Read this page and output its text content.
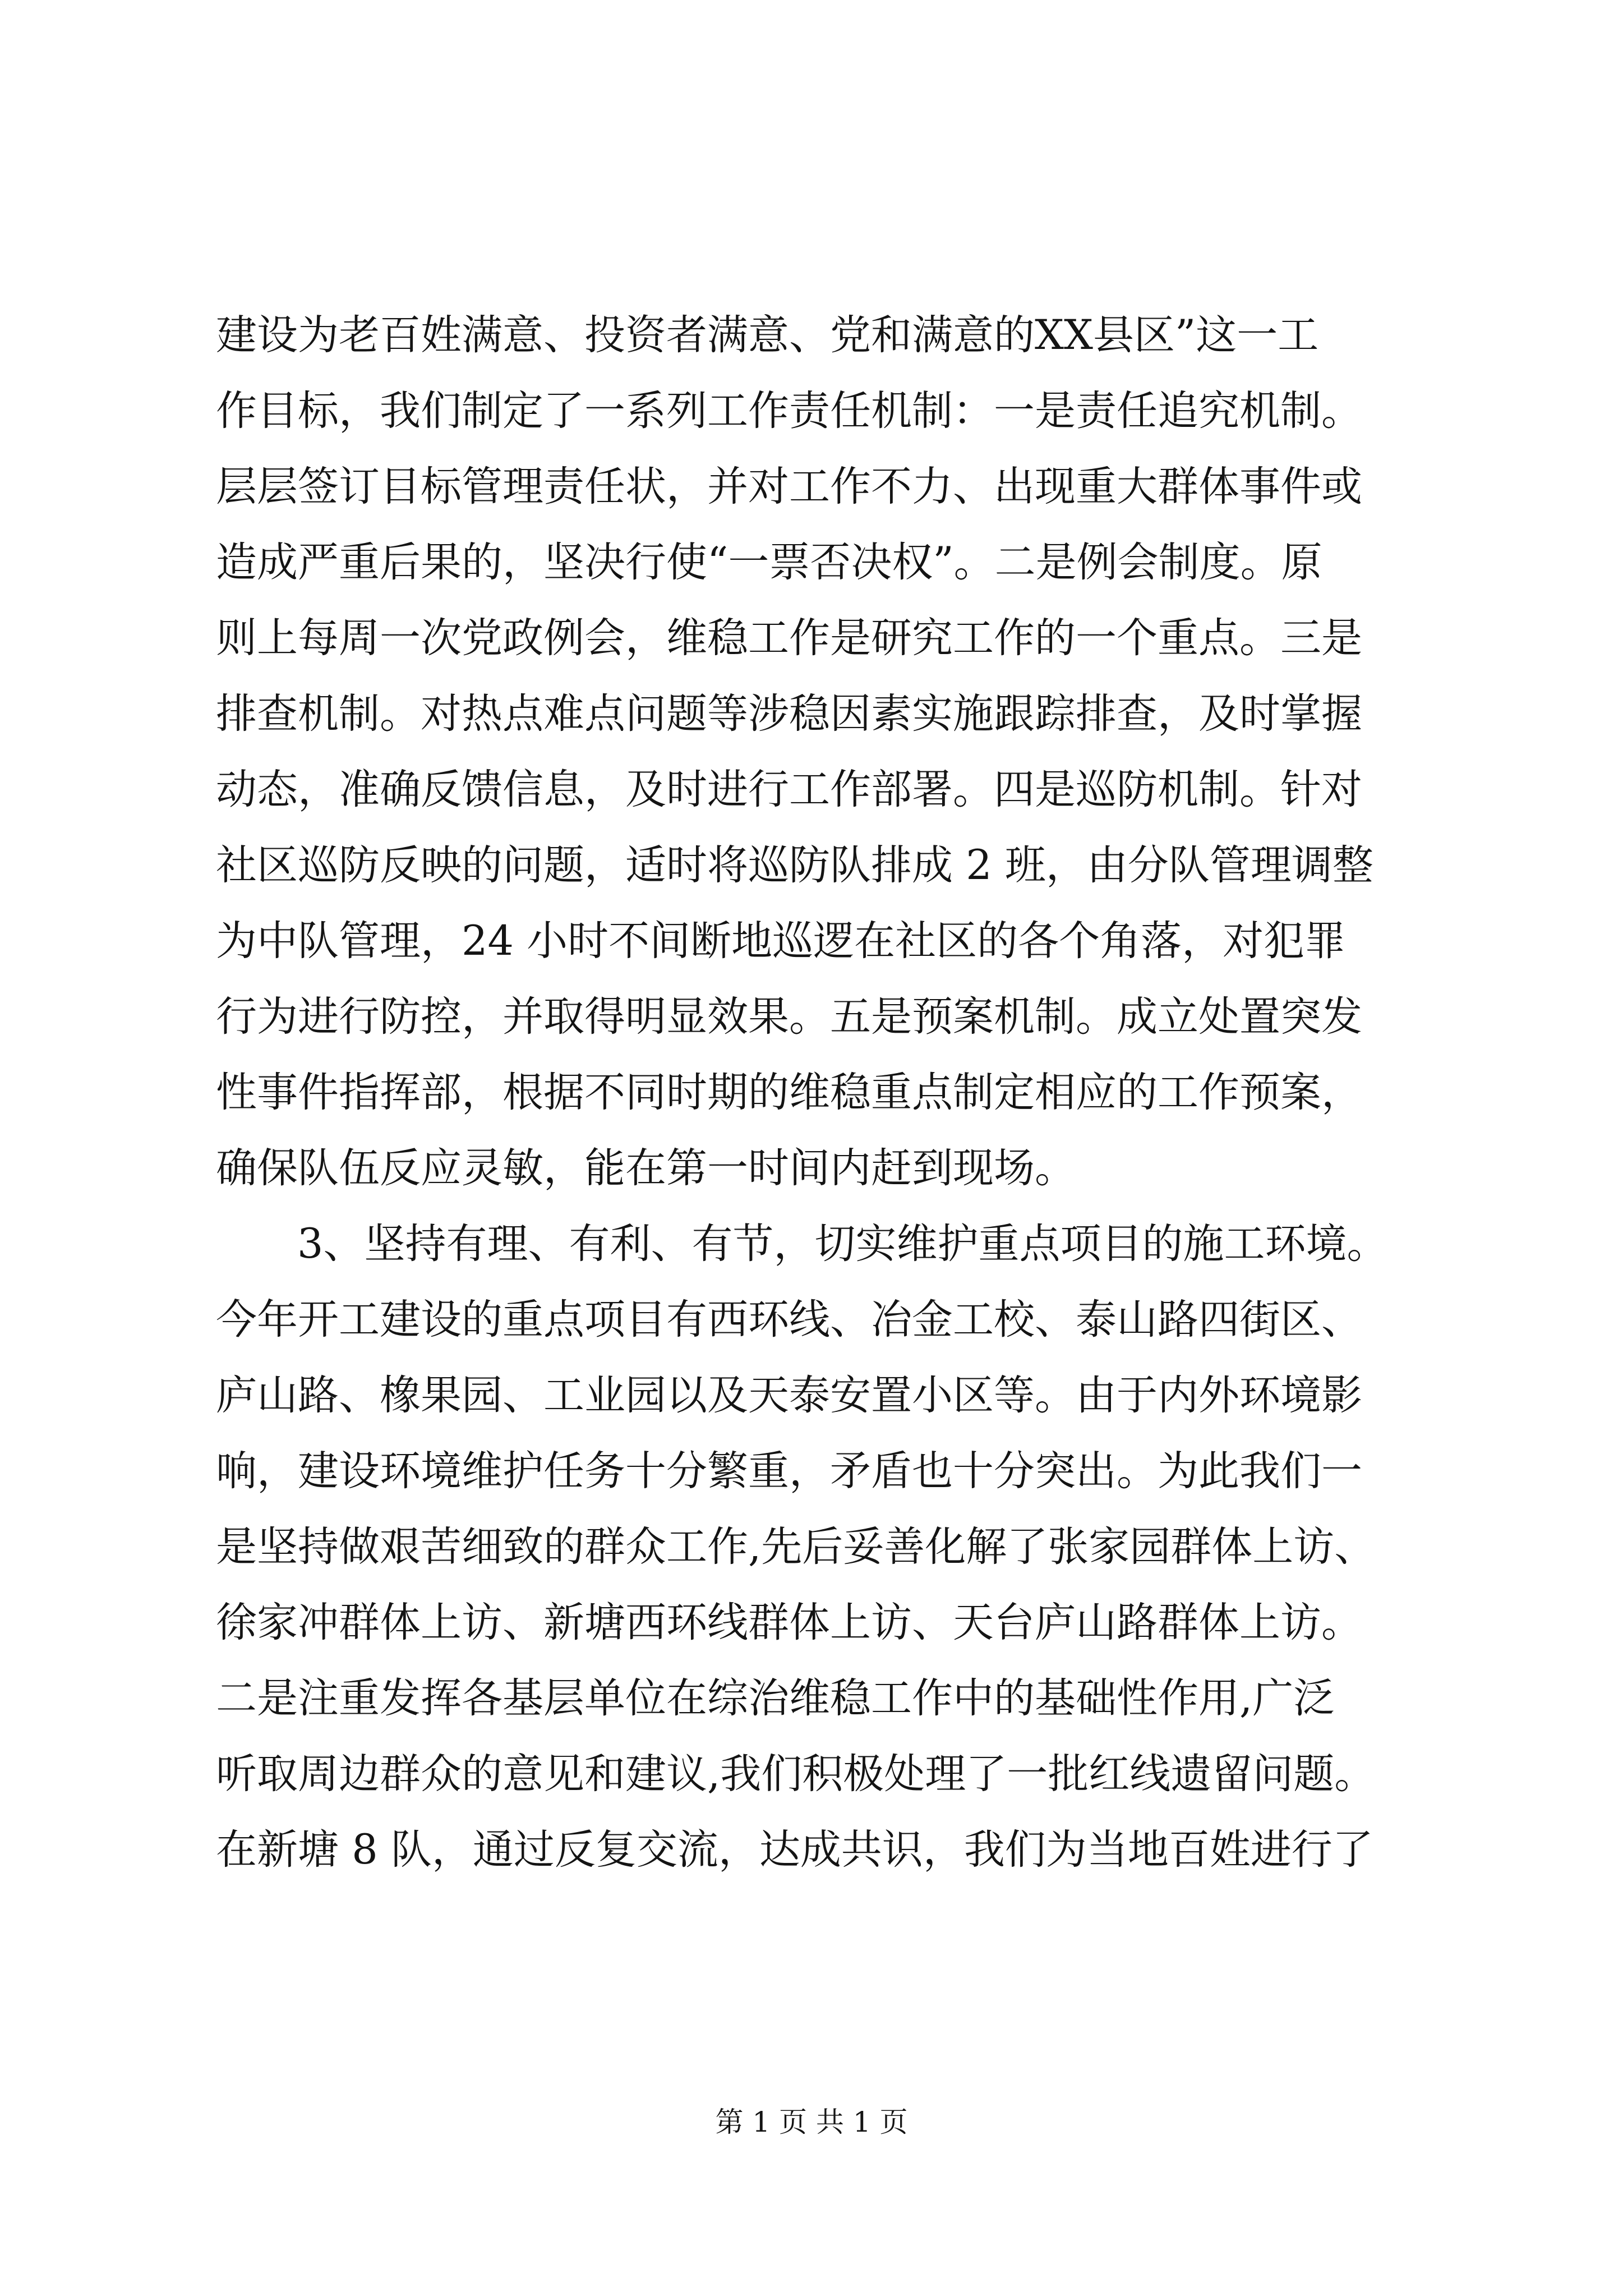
建设为老百姓满意、投资者满意、党和满意的XX县区”这一工
作目标，我们制定了一系列工作责任机制：一是责任追究机制。
层层签订目标管理责任状，并对工作不力、出现重大群体事件或
造成严重后果的，坚决行使“一票否决权”。二是例会制度。原
则上每周一次党政例会，维稳工作是研究工作的一个重点。三是
排查机制。对热点难点问题等涉稳因素实施跟踪排查，及时掌握
动态，准确反馈信息，及时进行工作部署。四是巡防机制。针对
社区巡防反映的问题，适时将巡防队排成 2 班，由分队管理调整
为中队管理，24 小时不间断地巡逻在社区的各个角落，对犯罪
行为进行防控，并取得明显效果。五是预案机制。成立处置突发
性事件指挥部，根据不同时期的维稳重点制定相应的工作预案，
确保队伍反应灵敏，能在第一时间内赶到现场。
3、坚持有理、有利、有节，切实维护重点项目的施工环境。
今年开工建设的重点项目有西环线、冶金工校、泰山路四街区、
庐山路、橡果园、工业园以及天泰安置小区等。由于内外环境影
响，建设环境维护任务十分繁重，矛盾也十分突出。为此我们一
是坚持做艰苦细致的群众工作,先后妥善化解了张家园群体上访、
徐家冲群体上访、新塘西环线群体上访、天台庐山路群体上访。
二是注重发挥各基层单位在综治维稳工作中的基础性作用,广泛
听取周边群众的意见和建议,我们积极处理了一批红线遗留问题。
在新塘 8 队，通过反复交流，达成共识，我们为当地百姓进行了
第 1 页 共 1 页
